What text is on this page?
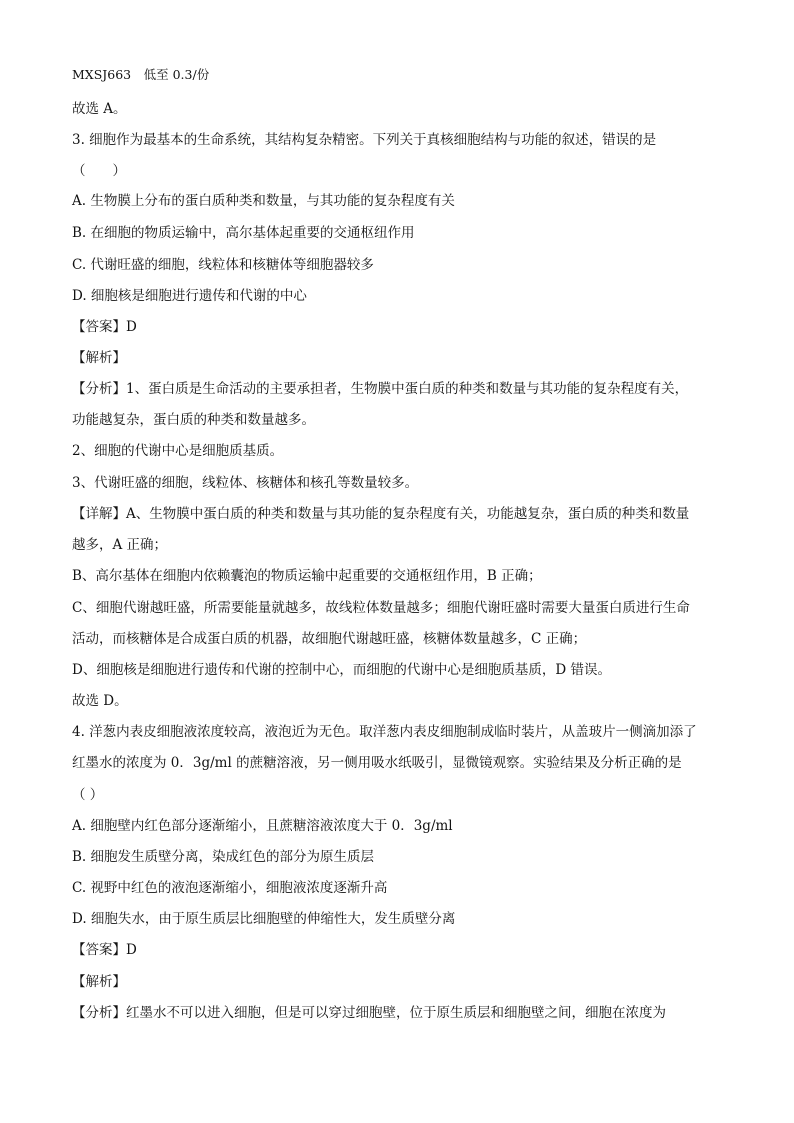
MXSJ663　低至 0.3/份
故选 A。
3. 细胞作为最基本的生命系统，其结构复杂精密。下列关于真核细胞结构与功能的叙述，错误的是
（　　）
A. 生物膜上分布的蛋白质种类和数量，与其功能的复杂程度有关
B. 在细胞的物质运输中，高尔基体起重要的交通枢纽作用
C. 代谢旺盛的细胞，线粒体和核糖体等细胞器较多
D. 细胞核是细胞进行遗传和代谢的中心
【答案】D
【解析】
【分析】1、蛋白质是生命活动的主要承担者，生物膜中蛋白质的种类和数量与其功能的复杂程度有关，
功能越复杂，蛋白质的种类和数量越多。
2、细胞的代谢中心是细胞质基质。
3、代谢旺盛的细胞，线粒体、核糖体和核孔等数量较多。
【详解】A、生物膜中蛋白质的种类和数量与其功能的复杂程度有关，功能越复杂，蛋白质的种类和数量
越多，A 正确；
B、高尔基体在细胞内依赖囊泡的物质运输中起重要的交通枢纽作用，B 正确；
C、细胞代谢越旺盛，所需要能量就越多，故线粒体数量越多；细胞代谢旺盛时需要大量蛋白质进行生命
活动，而核糖体是合成蛋白质的机器，故细胞代谢越旺盛，核糖体数量越多，C 正确；
D、细胞核是细胞进行遗传和代谢的控制中心，而细胞的代谢中心是细胞质基质，D 错误。
故选 D。
4. 洋葱内表皮细胞液浓度较高，液泡近为无色。取洋葱内表皮细胞制成临时装片，从盖玻片一侧滴加添了
红墨水的浓度为 0．3g/ml 的蔗糖溶液，另一侧用吸水纸吸引，显微镜观察。实验结果及分析正确的是
（ ）
A. 细胞壁内红色部分逐渐缩小，且蔗糖溶液浓度大于 0．3g/ml
B. 细胞发生质壁分离，染成红色的部分为原生质层
C. 视野中红色的液泡逐渐缩小，细胞液浓度逐渐升高
D. 细胞失水，由于原生质层比细胞壁的伸缩性大，发生质壁分离
【答案】D
【解析】
【分析】红墨水不可以进入细胞，但是可以穿过细胞壁，位于原生质层和细胞壁之间，细胞在浓度为
